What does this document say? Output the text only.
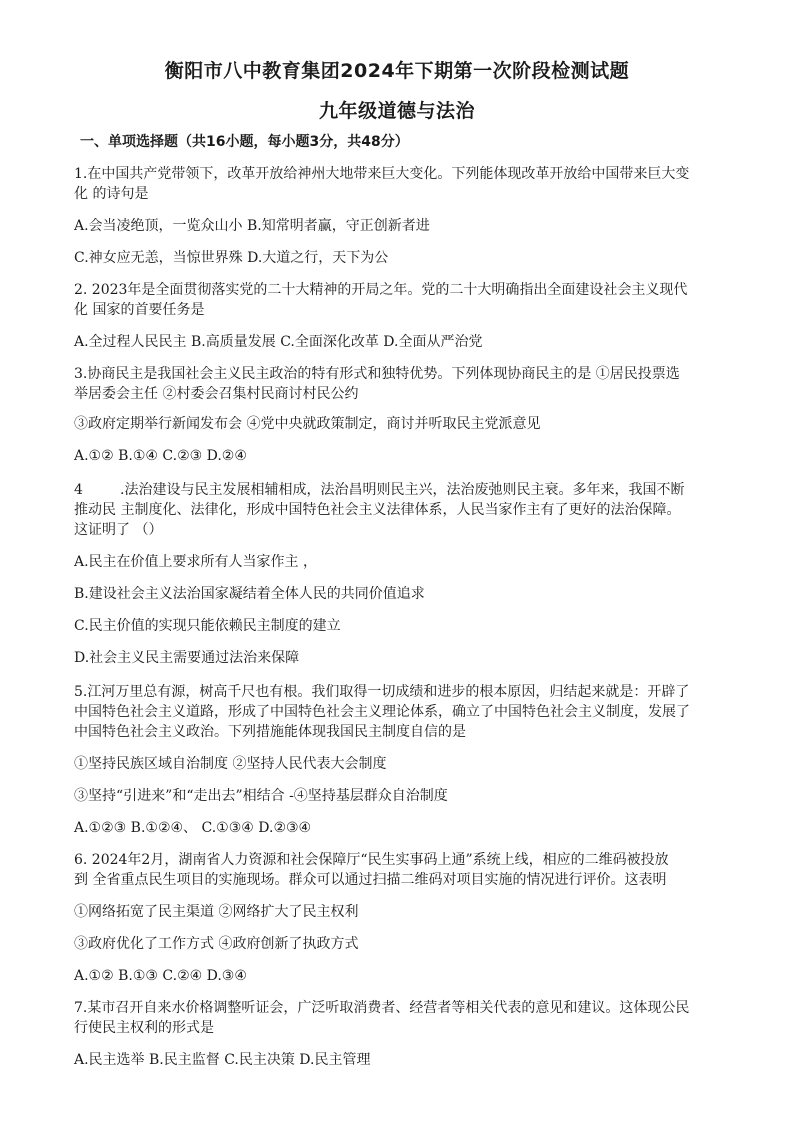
衡阳市八中教育集团2024年下期第一次阶段检测试题
九年级道德与法治
一、单项选择题（共16小题，每小题3分，共48分）
1.在中国共产党带领下，改革开放给神州大地带来巨大变化。下列能体现改革开放给中国带来巨大变
化 的诗句是
A.会当凌绝顶，一览众山小 B.知常明者赢，守正创新者进
C.神女应无恙，当惊世界殊 D.大道之行，天下为公
2. 2023年是全面贯彻落实党的二十大精神的开局之年。党的二十大明确指出全面建设社会主义现代
化 国家的首要任务是
A.全过程人民民主 B.高质量发展 C.全面深化改革 D.全面从严治党
3.协商民主是我国社会主义民主政治的特有形式和独特优势。下列体现协商民主的是 ①居民投票选
举居委会主任 ②村委会召集村民商讨村民公约
③政府定期举行新闻发布会 ④党中央就政策制定，商讨并听取民主党派意见
A.①② B.①④ C.②③ D.②④
4	.法治建设与民主发展相辅相成，法治昌明则民主兴，法治废弛则民主衰。多年来，我国不断
推动民 主制度化、法律化，形成中国特色社会主义法律体系，人民当家作主有了更好的法治保障。
这证明了 （）
A.民主在价值上要求所有人当家作主 ，
B.建设社会主义法治国家凝结着全体人民的共同价值追求
C.民主价值的实现只能依赖民主制度的建立
D.社会主义民主需要通过法治来保障
5.江河万里总有源，树高千尺也有根。我们取得一切成绩和进步的根本原因，归结起来就是：开辟了
中国特色社会主义道路，形成了中国特色社会主义理论体系，确立了中国特色社会主义制度，发展了
中国特色社会主义政治。下列措施能体现我国民主制度自信的是
①坚持民族区域自治制度 ②坚持人民代表大会制度
③坚持“引进来”和“走出去”相结合 -④坚持基层群众自治制度
A.①②③ B.①②④、 C.①③④ D.②③④
6. 2024年2月，湖南省人力资源和社会保障厅“民生实事码上通”系统上线，相应的二维码被投放
到 全省重点民生项目的实施现场。群众可以通过扫描二维码对项目实施的情况进行评价。这表明
①网络拓宽了民主渠道 ②网络扩大了民主权利
③政府优化了工作方式 ④政府创新了执政方式
A.①② B.①③ C.②④ D.③④
7.某市召开自来水价格调整听证会，广泛听取消费者、经营者等相关代表的意见和建议。这体现公民
行使民主权利的形式是
A.民主选举 B.民主监督 C.民主决策 D.民主管理
